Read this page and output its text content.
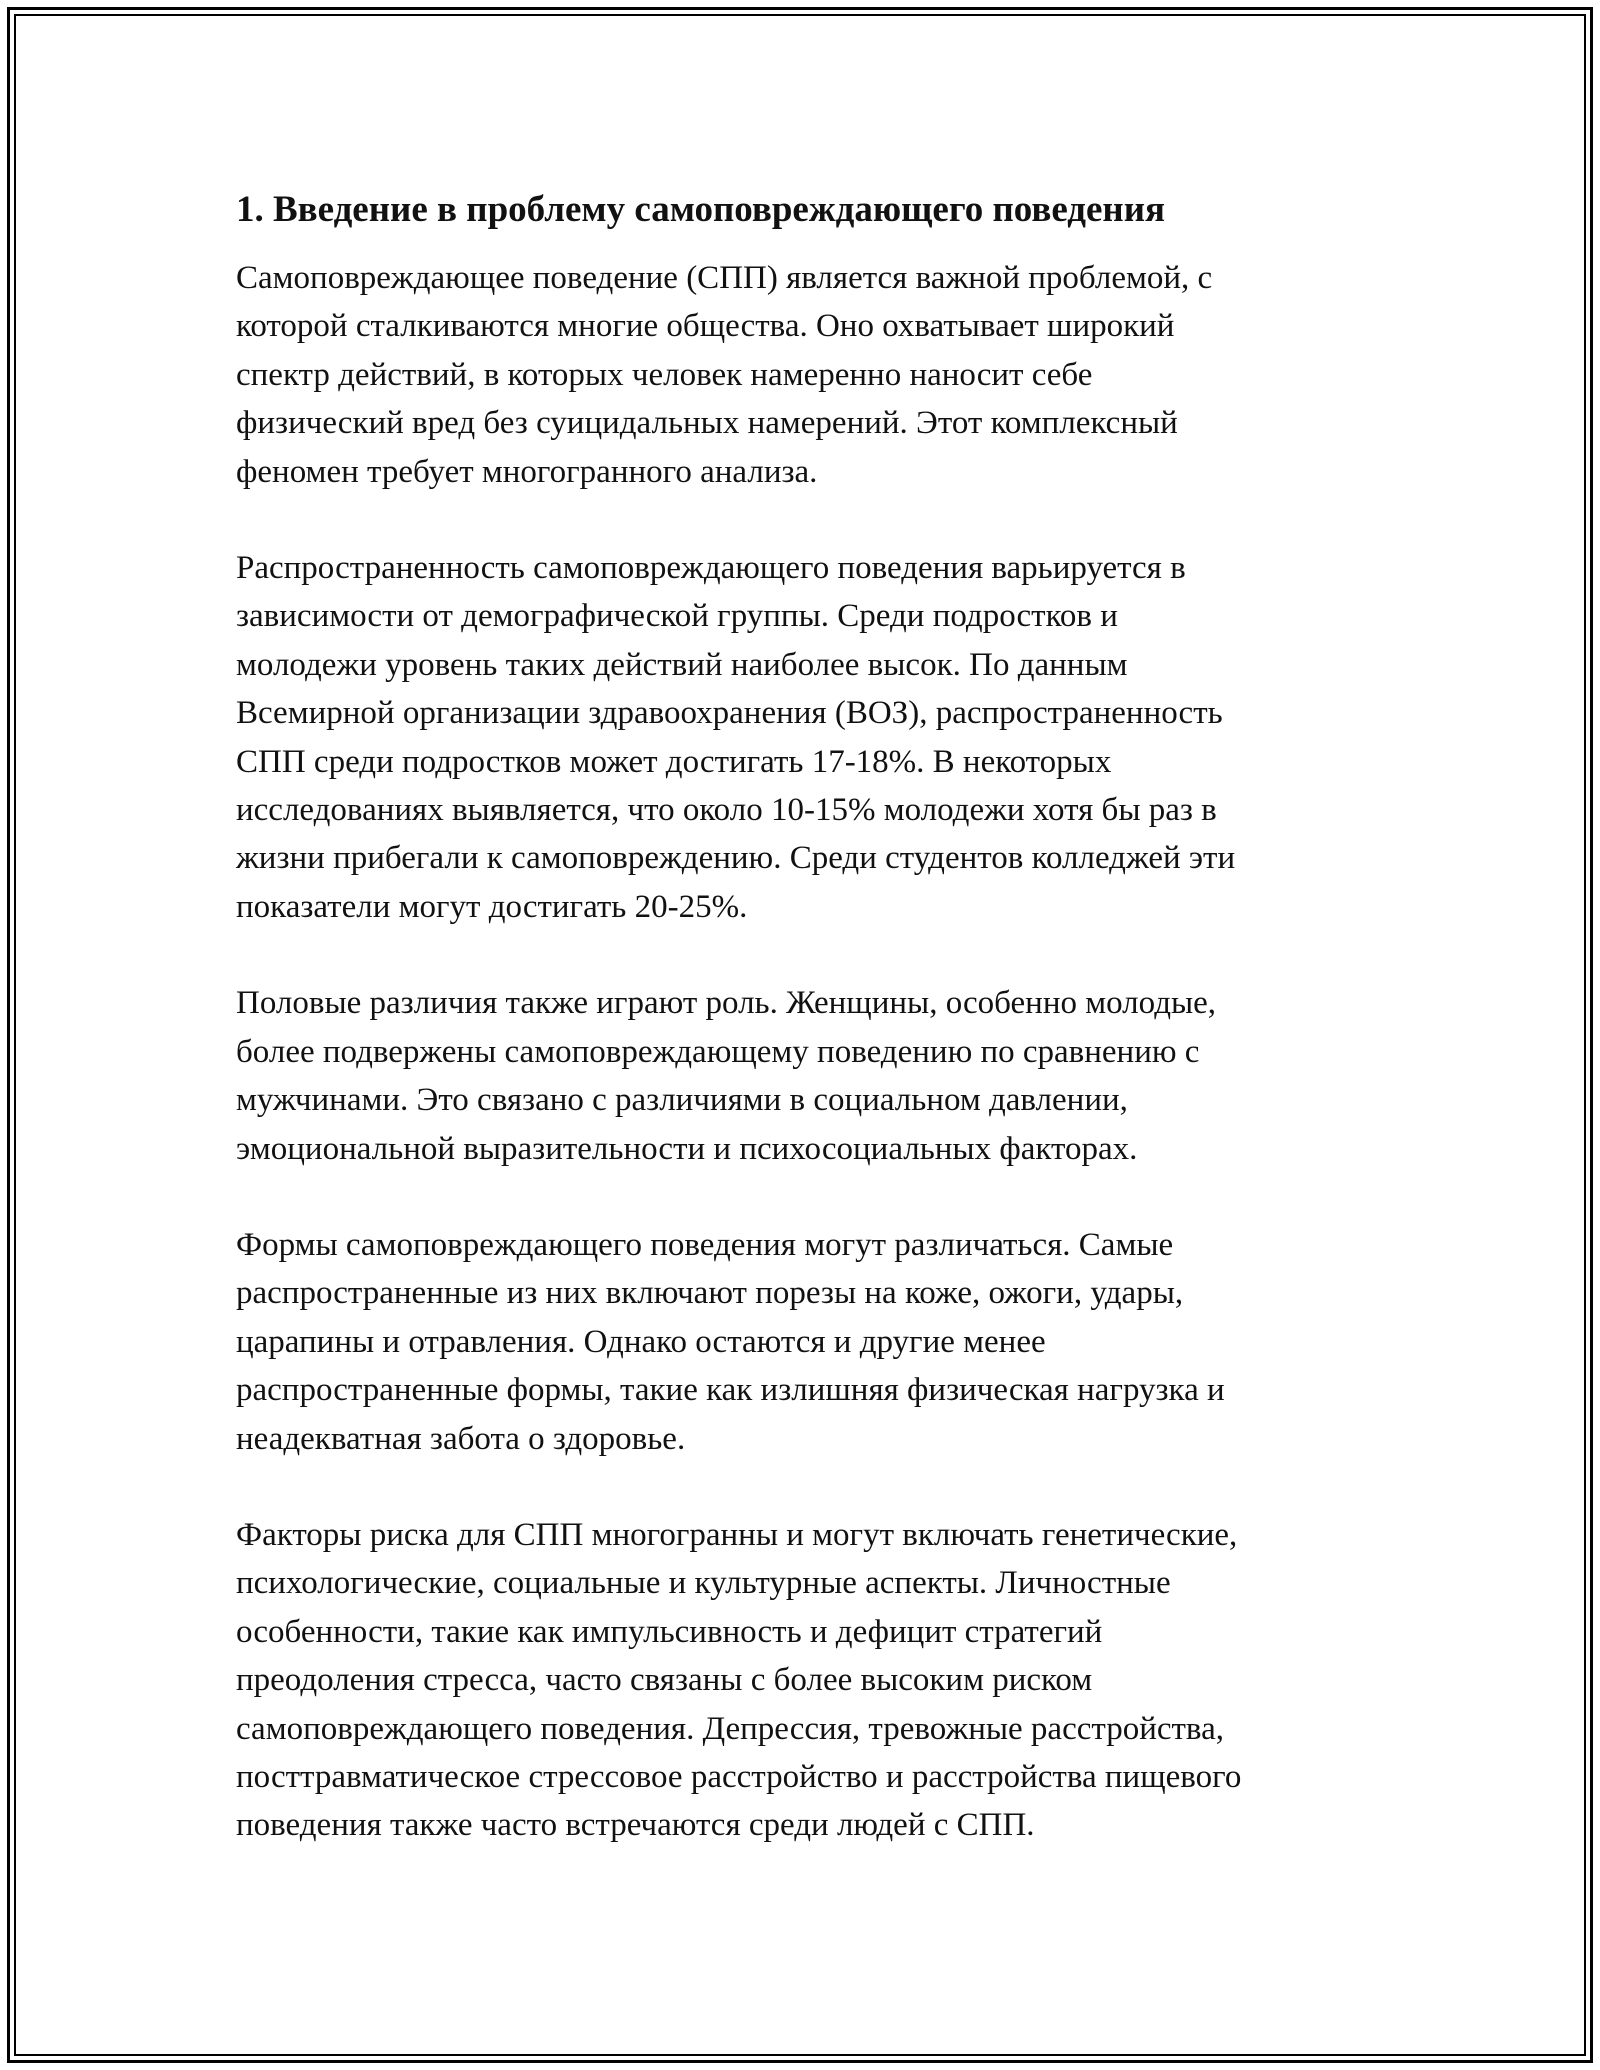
1. Введение в проблему самоповреждающего поведения

Самоповреждающее поведение (СПП) является важной проблемой, с
которой сталкиваются многие общества. Оно охватывает широкий
спектр действий, в которых человек намеренно наносит себе
физический вред без суицидальных намерений. Этот комплексный
феномен требует многогранного анализа.

Распространенность самоповреждающего поведения варьируется в
зависимости от демографической группы. Среди подростков и
молодежи уровень таких действий наиболее высок. По данным
Всемирной организации здравоохранения (ВОЗ), распространенность
СПП среди подростков может достигать 17-18%. В некоторых
исследованиях выявляется, что около 10-15% молодежи хотя бы раз в
жизни прибегали к самоповреждению. Среди студентов колледжей эти
показатели могут достигать 20-25%.

Половые различия также играют роль. Женщины, особенно молодые,
более подвержены самоповреждающему поведению по сравнению с
мужчинами. Это связано с различиями в социальном давлении,
эмоциональной выразительности и психосоциальных факторах.

Формы самоповреждающего поведения могут различаться. Самые
распространенные из них включают порезы на коже, ожоги, удары,
царапины и отравления. Однако остаются и другие менее
распространенные формы, такие как излишняя физическая нагрузка и
неадекватная забота о здоровье.

Факторы риска для СПП многогранны и могут включать генетические,
психологические, социальные и культурные аспекты. Личностные
особенности, такие как импульсивность и дефицит стратегий
преодоления стресса, часто связаны с более высоким риском
самоповреждающего поведения. Депрессия, тревожные расстройства,
посттравматическое стрессовое расстройство и расстройства пищевого
поведения также часто встречаются среди людей с СПП.
